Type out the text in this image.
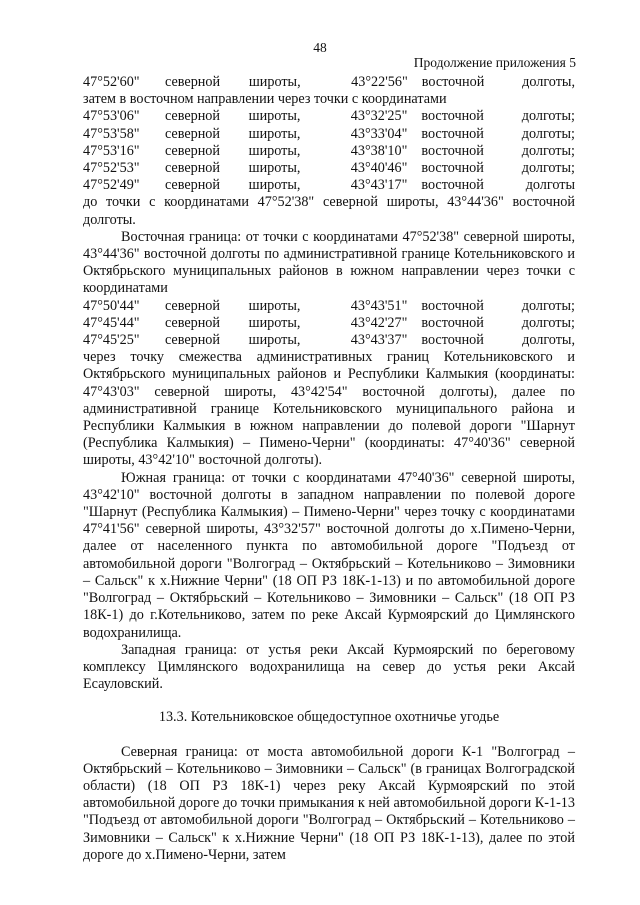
48
Продолжение приложения 5
47°52'60"	северной	широты,	43°22'56"	восточной	долготы,

затем в восточном направлении через точки с координатами

47°53'06"	северной	широты,	43°32'25"	восточной	долготы;
47°53'58"	северной	широты,	43°33'04"	восточной	долготы;
47°53'16"	северной	широты,	43°38'10"	восточной	долготы;
47°52'53"	северной	широты,	43°40'46"	восточной	долготы;
47°52'49"	северной	широты,	43°43'17"	восточной	долготы

до точки с координатами 47°52'38" северной широты, 43°44'36" восточной долготы.

Восточная граница: от точки с координатами 47°52'38" северной широты, 43°44'36" восточной долготы по административной границе Котельниковского и Октябрьского муниципальных районов в южном направлении через точки с координатами

47°50'44"	северной	широты,	43°43'51"	восточной	долготы;
47°45'44"	северной	широты,	43°42'27"	восточной	долготы;
47°45'25"	северной	широты,	43°43'37"	восточной	долготы,

через точку смежества административных границ Котельниковского и Октябрьского муниципальных районов и Республики Калмыкия (координаты: 47°43'03" северной широты, 43°42'54" восточной долготы), далее по административной границе Котельниковского муниципального района и Республики Калмыкия в южном направлении до полевой дороги "Шарнут (Республика Калмыкия) – Пимено-Черни" (координаты: 47°40'36" северной широты, 43°42'10" восточной долготы).

Южная граница: от точки с координатами 47°40'36" северной широты, 43°42'10" восточной долготы в западном направлении по полевой дороге "Шарнут (Республика Калмыкия) – Пимено-Черни" через точку с координатами 47°41'56" северной широты, 43°32'57" восточной долготы до х.Пимено-Черни, далее от населенного пункта по автомобильной дороге "Подъезд от автомобильной дороги "Волгоград – Октябрьский – Котельниково – Зимовники – Сальск" к х.Нижние Черни" (18 ОП РЗ 18К-1-13) и по автомобильной дороге "Волгоград – Октябрьский – Котельниково – Зимовники – Сальск" (18 ОП РЗ 18К-1) до г.Котельниково, затем по реке Аксай Курмоярский до Цимлянского водохранилища.

Западная граница: от устья реки Аксай Курмоярский по береговому комплексу Цимлянского водохранилища на север до устья реки Аксай Есауловский.

13.3. Котельниковское общедоступное охотничье угодье

Северная граница: от моста автомобильной дороги К-1 "Волгоград – Октябрьский – Котельниково – Зимовники – Сальск" (в границах Волгоградской области) (18 ОП РЗ 18К-1) через реку Аксай Курмоярский по этой автомобильной дороге до точки примыкания к ней автомобильной дороги К-1-13 "Подъезд от автомобильной дороги "Волгоград – Октябрьский – Котельниково – Зимовники – Сальск" к х.Нижние Черни" (18 ОП РЗ 18К-1-13), далее по этой дороге до х.Пимено-Черни, затем
